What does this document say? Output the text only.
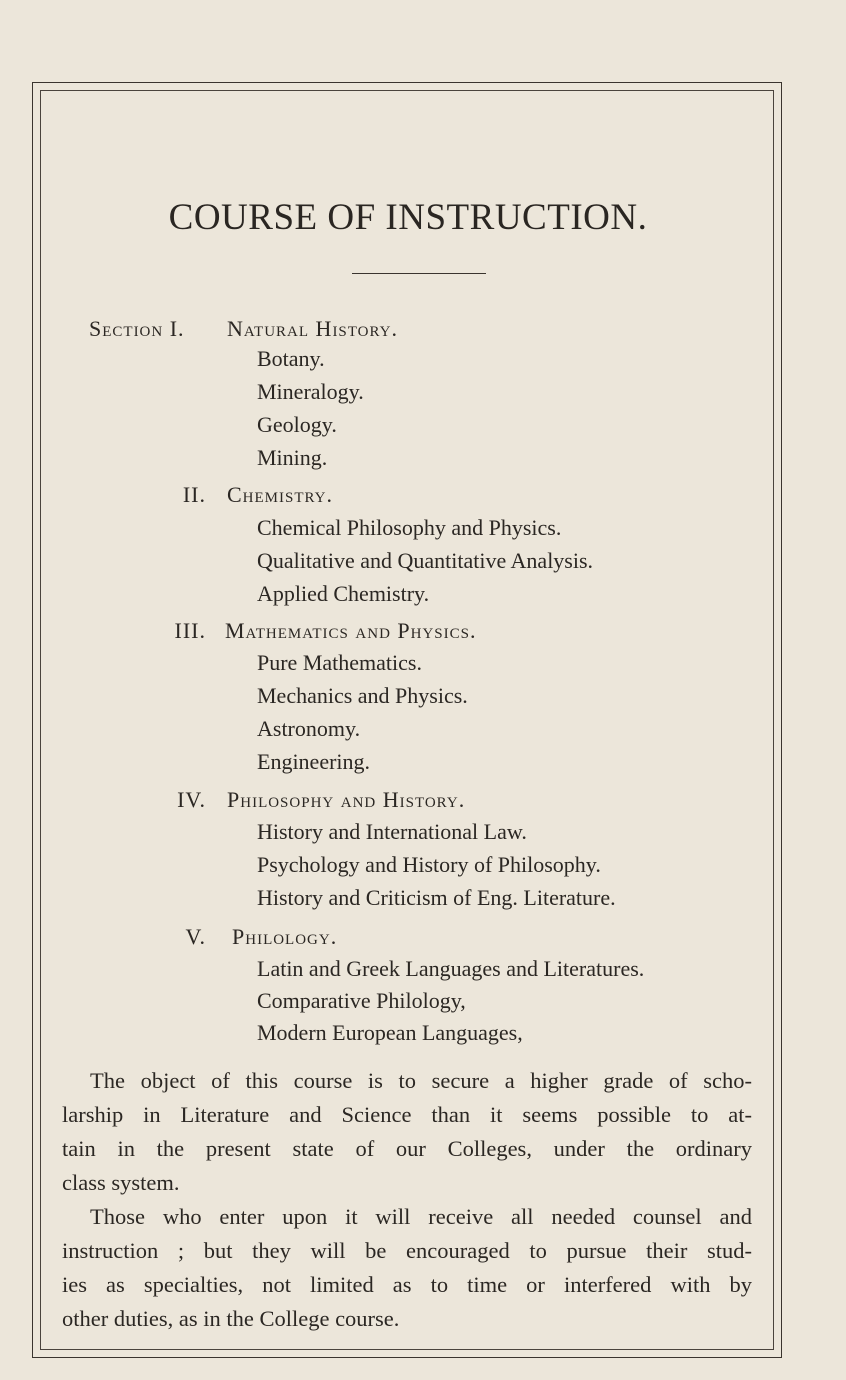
COURSE OF INSTRUCTION.
Section I. Natural History.
Botany.
Mineralogy.
Geology.
Mining.
II. Chemistry.
Chemical Philosophy and Physics.
Qualitative and Quantitative Analysis.
Applied Chemistry.
III. Mathematics and Physics.
Pure Mathematics.
Mechanics and Physics.
Astronomy.
Engineering.
IV. Philosophy and History.
History and International Law.
Psychology and History of Philosophy.
History and Criticism of Eng. Literature.
V. Philology.
Latin and Greek Languages and Literatures.
Comparative Philology,
Modern European Languages,
The object of this course is to secure a higher grade of scho-
larship in Literature and Science than it seems possible to at-
tain in the present state of our Colleges, under the ordinary
class system.
Those who enter upon it will receive all needed counsel and
instruction ; but they will be encouraged to pursue their stud-
ies as specialties, not limited as to time or interfered with by
other duties, as in the College course.
